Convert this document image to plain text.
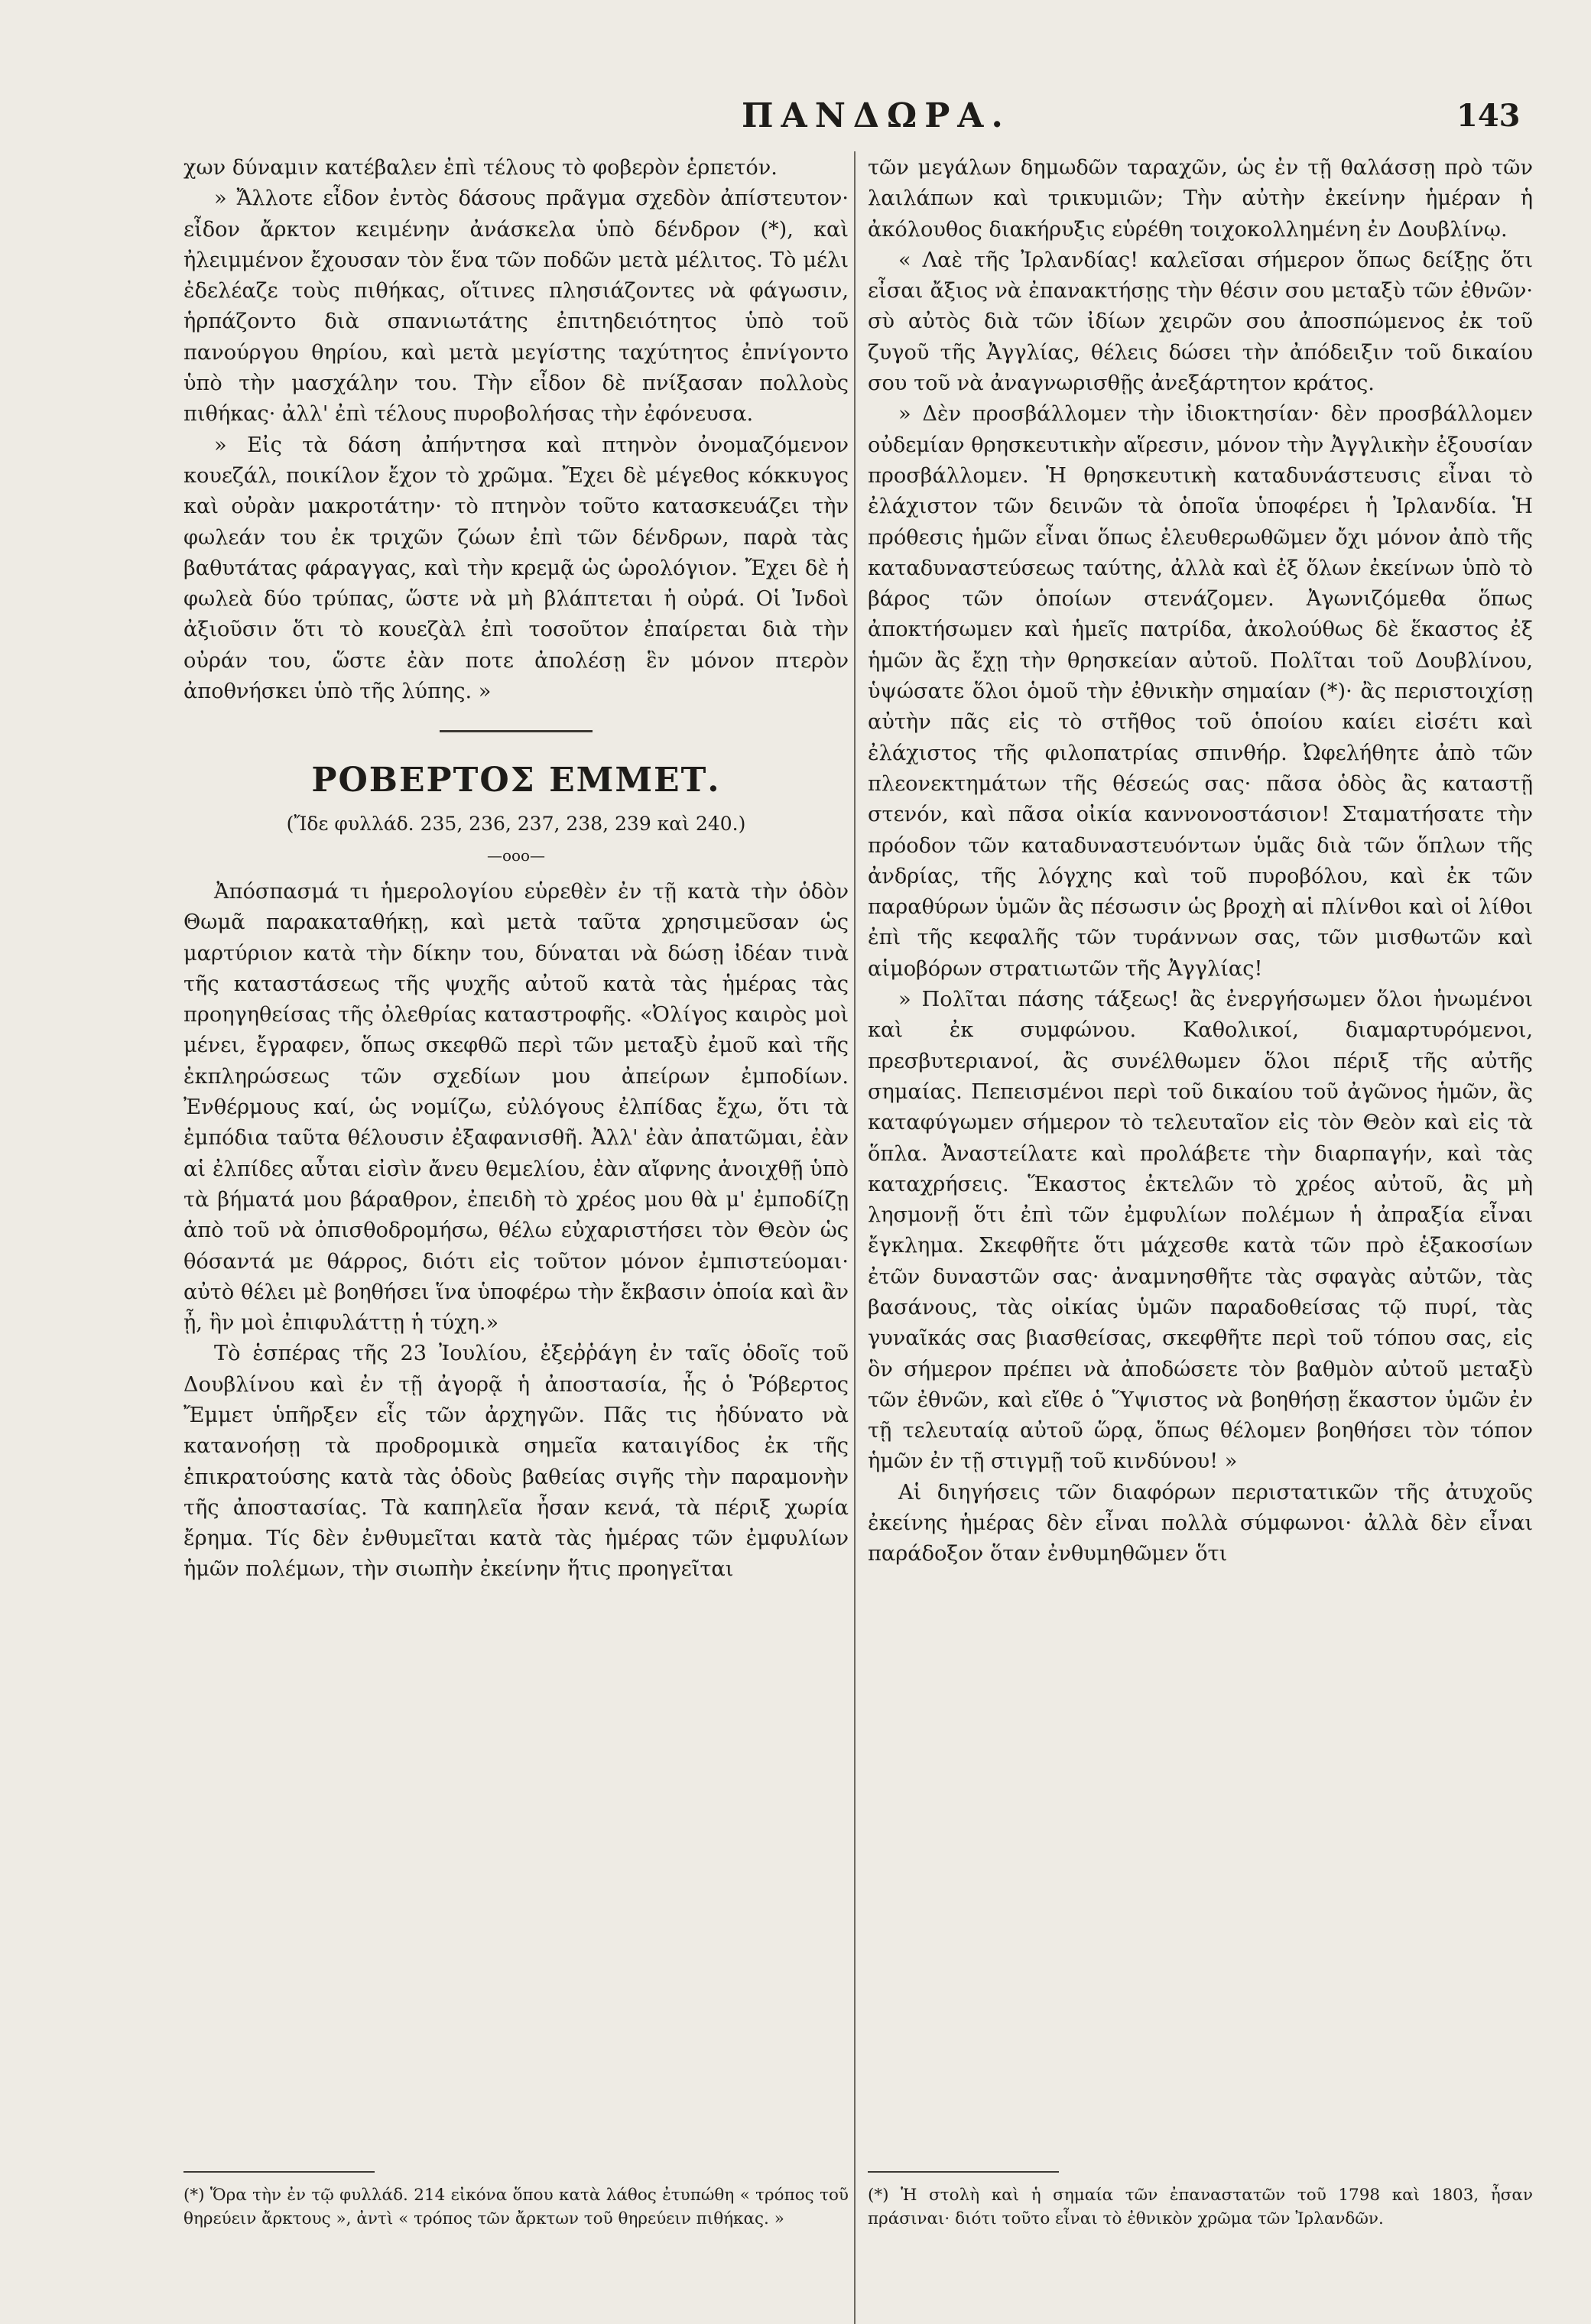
ΠΑΝΔΩΡΑ.	143

χων δύναμιν κατέβαλεν ἐπὶ τέλους τὸ φοβερὸν ἑρπετόν.

» Ἄλλοτε εἶδον ἐντὸς δάσους πρᾶγμα σχεδὸν ἀπίστευτον· εἶδον ἄρκτον κειμένην ἀνάσκελα ὑπὸ δένδρον (*), καὶ ἠλειμμένον ἔχουσαν τὸν ἕνα τῶν ποδῶν μετὰ μέλιτος. Τὸ μέλι ἐδελέαζε τοὺς πιθήκας, οἵτινες πλησιάζοντες νὰ φάγωσιν, ἡρπάζοντο διὰ σπανιωτάτης ἐπιτηδειότητος ὑπὸ τοῦ πανούργου θηρίου, καὶ μετὰ μεγίστης ταχύτητος ἐπνίγοντο ὑπὸ τὴν μασχάλην του. Τὴν εἶδον δὲ πνίξασαν πολλοὺς πιθήκας· ἀλλ' ἐπὶ τέλους πυροβολήσας τὴν ἐφόνευσα.

» Εἰς τὰ δάση ἀπήντησα καὶ πτηνὸν ὀνομαζόμενον κουεζάλ, ποικίλον ἔχον τὸ χρῶμα. Ἔχει δὲ μέγεθος κόκκυγος καὶ οὐρὰν μακροτάτην· τὸ πτηνὸν τοῦτο κατασκευάζει τὴν φωλεάν του ἐκ τριχῶν ζώων ἐπὶ τῶν δένδρων, παρὰ τὰς βαθυτάτας φάραγγας, καὶ τὴν κρεμᾷ ὡς ὡρολόγιον. Ἔχει δὲ ἡ φωλεὰ δύο τρύπας, ὥστε νὰ μὴ βλάπτεται ἡ οὐρά. Οἱ Ἰνδοὶ ἀξιοῦσιν ὅτι τὸ κουεζὰλ ἐπὶ τοσοῦτον ἐπαίρεται διὰ τὴν οὐράν του, ὥστε ἐὰν ποτε ἀπολέσῃ ἓν μόνον πτερὸν ἀποθνήσκει ὑπὸ τῆς λύπης. »

ΡΟΒΕΡΤΟΣ ΕΜΜΕΤ.

(Ἴδε φυλλάδ. 235, 236, 237, 238, 239 καὶ 240.)

—οοο—

Ἀπόσπασμά τι ἡμερολογίου εὑρεθὲν ἐν τῇ κατὰ τὴν ὁδὸν Θωμᾶ παρακαταθήκῃ, καὶ μετὰ ταῦτα χρησιμεῦσαν ὡς μαρτύριον κατὰ τὴν δίκην του, δύναται νὰ δώσῃ ἰδέαν τινὰ τῆς καταστάσεως τῆς ψυχῆς αὐτοῦ κατὰ τὰς ἡμέρας τὰς προηγηθείσας τῆς ὀλεθρίας καταστροφῆς. «Ὀλίγος καιρὸς μοὶ μένει, ἔγραφεν, ὅπως σκεφθῶ περὶ τῶν μεταξὺ ἐμοῦ καὶ τῆς ἐκπληρώσεως τῶν σχεδίων μου ἀπείρων ἐμποδίων. Ἐνθέρμους καί, ὡς νομίζω, εὐλόγους ἐλπίδας ἔχω, ὅτι τὰ ἐμπόδια ταῦτα θέλουσιν ἐξαφανισθῆ. Ἀλλ' ἐὰν ἀπατῶμαι, ἐὰν αἱ ἐλπίδες αὗται εἰσὶν ἄνευ θεμελίου, ἐὰν αἴφνης ἀνοιχθῇ ὑπὸ τὰ βήματά μου βάραθρον, ἐπειδὴ τὸ χρέος μου θὰ μ' ἐμποδίζῃ ἀπὸ τοῦ νὰ ὀπισθοδρομήσω, θέλω εὐχαριστήσει τὸν Θεὸν ὡς θόσαντά με θάρρος, διότι εἰς τοῦτον μόνον ἐμπιστεύομαι· αὐτὸ θέλει μὲ βοηθήσει ἵνα ὑποφέρω τὴν ἔκβασιν ὁποία καὶ ἂν ᾖ, ἣν μοὶ ἐπιφυλάττῃ ἡ τύχη.»

Τὸ ἑσπέρας τῆς 23 Ἰουλίου, ἐξεῤῥάγη ἐν ταῖς ὁδοῖς τοῦ Δουβλίνου καὶ ἐν τῇ ἀγορᾷ ἡ ἀποστασία, ἧς ὁ Ῥόβερτος Ἔμμετ ὑπῆρξεν εἷς τῶν ἀρχηγῶν. Πᾶς τις ἠδύνατο νὰ κατανοήσῃ τὰ προδρομικὰ σημεῖα καταιγίδος ἐκ τῆς ἐπικρατούσης κατὰ τὰς ὁδοὺς βαθείας σιγῆς τὴν παραμονὴν τῆς ἀποστασίας. Τὰ καπηλεῖα ἦσαν κενά, τὰ πέριξ χωρία ἔρημα. Τίς δὲν ἐνθυμεῖται κατὰ τὰς ἡμέρας τῶν ἐμφυλίων ἡμῶν πολέμων, τὴν σιωπὴν ἐκείνην ἥτις προηγεῖται

(*) Ὅρα τὴν ἐν τῷ φυλλάδ. 214 εἰκόνα ὅπου κατὰ λάθος ἐτυπώθη « τρόπος τοῦ θηρεύειν ἄρκτους », ἀντὶ « τρόπος τῶν ἄρκτων τοῦ θηρεύειν πιθήκας. »

τῶν μεγάλων δημωδῶν ταραχῶν, ὡς ἐν τῇ θαλάσσῃ πρὸ τῶν λαιλάπων καὶ τρικυμιῶν; Τὴν αὐτὴν ἐκείνην ἡμέραν ἡ ἀκόλουθος διακήρυξις εὑρέθη τοιχοκολλημένη ἐν Δουβλίνῳ.

« Λαὲ τῆς Ἰρλανδίας! καλεῖσαι σήμερον ὅπως δείξῃς ὅτι εἶσαι ἄξιος νὰ ἐπανακτήσῃς τὴν θέσιν σου μεταξὺ τῶν ἐθνῶν· σὺ αὐτὸς διὰ τῶν ἰδίων χειρῶν σου ἀποσπώμενος ἐκ τοῦ ζυγοῦ τῆς Ἀγγλίας, θέλεις δώσει τὴν ἀπόδειξιν τοῦ δικαίου σου τοῦ νὰ ἀναγνωρισθῇς ἀνεξάρτητον κράτος.

» Δὲν προσβάλλομεν τὴν ἰδιοκτησίαν· δὲν προσβάλλομεν οὐδεμίαν θρησκευτικὴν αἵρεσιν, μόνον τὴν Ἀγγλικὴν ἐξουσίαν προσβάλλομεν. Ἡ θρησκευτικὴ καταδυνάστευσις εἶναι τὸ ἐλάχιστον τῶν δεινῶν τὰ ὁποῖα ὑποφέρει ἡ Ἰρλανδία. Ἡ πρόθεσις ἡμῶν εἶναι ὅπως ἐλευθερωθῶμεν ὄχι μόνον ἀπὸ τῆς καταδυναστεύσεως ταύτης, ἀλλὰ καὶ ἐξ ὅλων ἐκείνων ὑπὸ τὸ βάρος τῶν ὁποίων στενάζομεν. Ἀγωνιζόμεθα ὅπως ἀποκτήσωμεν καὶ ἡμεῖς πατρίδα, ἀκολούθως δὲ ἕκαστος ἐξ ἡμῶν ἂς ἔχῃ τὴν θρησκείαν αὐτοῦ. Πολῖται τοῦ Δουβλίνου, ὑψώσατε ὅλοι ὁμοῦ τὴν ἐθνικὴν σημαίαν (*)· ἂς περιστοιχίσῃ αὐτὴν πᾶς εἰς τὸ στῆθος τοῦ ὁποίου καίει εἰσέτι καὶ ἐλάχιστος τῆς φιλοπατρίας σπινθήρ. Ὠφελήθητε ἀπὸ τῶν πλεονεκτημάτων τῆς θέσεώς σας· πᾶσα ὁδὸς ἂς καταστῇ στενόν, καὶ πᾶσα οἰκία καννονοστάσιον! Σταματήσατε τὴν πρόοδον τῶν καταδυναστευόντων ὑμᾶς διὰ τῶν ὅπλων τῆς ἀνδρίας, τῆς λόγχης καὶ τοῦ πυροβόλου, καὶ ἐκ τῶν παραθύρων ὑμῶν ἂς πέσωσιν ὡς βροχὴ αἱ πλίνθοι καὶ οἱ λίθοι ἐπὶ τῆς κεφαλῆς τῶν τυράννων σας, τῶν μισθωτῶν καὶ αἱμοβόρων στρατιωτῶν τῆς Ἀγγλίας!

» Πολῖται πάσης τάξεως! ἂς ἐνεργήσωμεν ὅλοι ἡνωμένοι καὶ ἐκ συμφώνου. Καθολικοί, διαμαρτυρόμενοι, πρεσβυτεριανοί, ἂς συνέλθωμεν ὅλοι πέριξ τῆς αὐτῆς σημαίας. Πεπεισμένοι περὶ τοῦ δικαίου τοῦ ἀγῶνος ἡμῶν, ἂς καταφύγωμεν σήμερον τὸ τελευταῖον εἰς τὸν Θεὸν καὶ εἰς τὰ ὅπλα. Ἀναστείλατε καὶ προλάβετε τὴν διαρπαγήν, καὶ τὰς καταχρήσεις. Ἕκαστος ἐκτελῶν τὸ χρέος αὐτοῦ, ἂς μὴ λησμονῇ ὅτι ἐπὶ τῶν ἐμφυλίων πολέμων ἡ ἀπραξία εἶναι ἔγκλημα. Σκεφθῆτε ὅτι μάχεσθε κατὰ τῶν πρὸ ἑξακοσίων ἐτῶν δυναστῶν σας· ἀναμνησθῆτε τὰς σφαγὰς αὐτῶν, τὰς βασάνους, τὰς οἰκίας ὑμῶν παραδοθείσας τῷ πυρί, τὰς γυναῖκάς σας βιασθείσας, σκεφθῆτε περὶ τοῦ τόπου σας, εἰς ὃν σήμερον πρέπει νὰ ἀποδώσετε τὸν βαθμὸν αὐτοῦ μεταξὺ τῶν ἐθνῶν, καὶ εἴθε ὁ Ὕψιστος νὰ βοηθήσῃ ἕκαστον ὑμῶν ἐν τῇ τελευταίᾳ αὐτοῦ ὥρᾳ, ὅπως θέλομεν βοηθήσει τὸν τόπον ἡμῶν ἐν τῇ στιγμῇ τοῦ κινδύνου! »

Αἱ διηγήσεις τῶν διαφόρων περιστατικῶν τῆς ἀτυχοῦς ἐκείνης ἡμέρας δὲν εἶναι πολλὰ σύμφωνοι· ἀλλὰ δὲν εἶναι παράδοξον ὅταν ἐνθυμηθῶμεν ὅτι

(*) Ἡ στολὴ καὶ ἡ σημαία τῶν ἐπαναστατῶν τοῦ 1798 καὶ 1803, ἦσαν πράσιναι· διότι τοῦτο εἶναι τὸ ἐθνικὸν χρῶμα τῶν Ἰρλανδῶν.
